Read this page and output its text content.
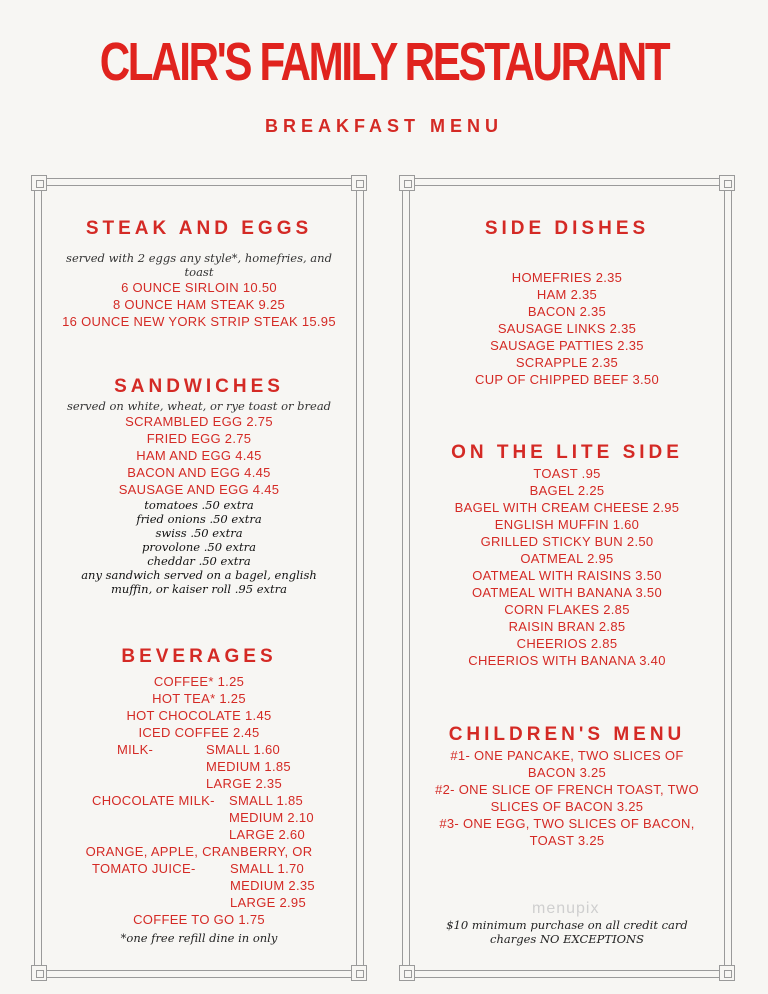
CLAIR'S FAMILY RESTAURANT
BREAKFAST MENU
STEAK AND EGGS
served with 2 eggs any style*, homefries, and toast
6 OUNCE SIRLOIN 10.50
8 OUNCE HAM STEAK 9.25
16 OUNCE NEW YORK STRIP STEAK 15.95
SANDWICHES
served on white, wheat, or rye toast or bread
SCRAMBLED EGG 2.75
FRIED EGG 2.75
HAM AND EGG 4.45
BACON AND EGG 4.45
SAUSAGE AND EGG 4.45
tomatoes .50 extra
fried onions .50 extra
swiss .50 extra
provolone .50 extra
cheddar .50 extra
any sandwich served on a bagel, english
muffin, or kaiser roll .95 extra
BEVERAGES
COFFEE* 1.25
HOT TEA* 1.25
HOT CHOCOLATE 1.45
ICED COFFEE 2.45
MILK-	SMALL 1.60
MEDIUM 1.85
LARGE 2.35
CHOCOLATE MILK-	SMALL 1.85
MEDIUM 2.10
LARGE 2.60
ORANGE, APPLE, CRANBERRY, OR
TOMATO JUICE-	SMALL 1.70
MEDIUM 2.35
LARGE 2.95
COFFEE TO GO 1.75
*one free refill dine in only
SIDE DISHES
HOMEFRIES 2.35
HAM 2.35
BACON 2.35
SAUSAGE LINKS 2.35
SAUSAGE PATTIES 2.35
SCRAPPLE 2.35
CUP OF CHIPPED BEEF 3.50
ON THE LITE SIDE
TOAST .95
BAGEL 2.25
BAGEL WITH CREAM CHEESE 2.95
ENGLISH MUFFIN 1.60
GRILLED STICKY BUN 2.50
OATMEAL 2.95
OATMEAL WITH RAISINS 3.50
OATMEAL WITH BANANA 3.50
CORN FLAKES 2.85
RAISIN BRAN 2.85
CHEERIOS 2.85
CHEERIOS WITH BANANA 3.40
CHILDREN'S MENU
#1- ONE PANCAKE, TWO SLICES OF
BACON 3.25
#2- ONE SLICE OF FRENCH TOAST, TWO
SLICES OF BACON 3.25
#3- ONE EGG, TWO SLICES OF BACON,
TOAST 3.25
$10 minimum purchase on all credit card
charges NO EXCEPTIONS
menupix
